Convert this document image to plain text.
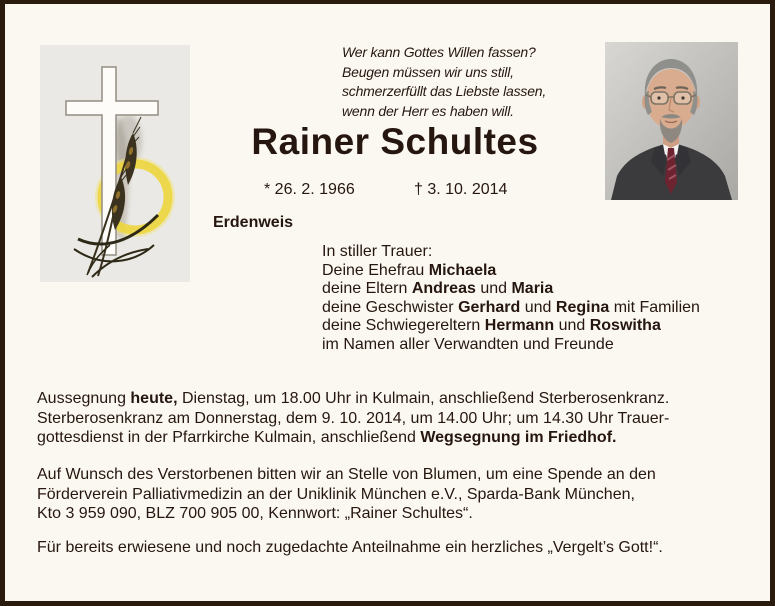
Wer kann Gottes Willen fassen?
Beugen müssen wir uns still,
schmerzerfüllt das Liebste lassen,
wenn der Herr es haben will.
Rainer Schultes
* 26. 2. 1966	† 3. 10. 2014
Erdenweis
In stiller Trauer:
Deine Ehefrau Michaela
deine Eltern Andreas und Maria
deine Geschwister Gerhard und Regina mit Familien
deine Schwiegereltern Hermann und Roswitha
im Namen aller Verwandten und Freunde
Aussegnung heute, Dienstag, um 18.00 Uhr in Kulmain, anschließend Sterberosenkranz.
Sterberosenkranz am Donnerstag, dem 9. 10. 2014, um 14.00 Uhr; um 14.30 Uhr Trauer-
gottesdienst in der Pfarrkirche Kulmain, anschließend Wegsegnung im Friedhof.
Auf Wunsch des Verstorbenen bitten wir an Stelle von Blumen, um eine Spende an den
Förderverein Palliativmedizin an der Uniklinik München e.V., Sparda-Bank München,
Kto 3 959 090, BLZ 700 905 00, Kennwort: „Rainer Schultes“.
Für bereits erwiesene und noch zugedachte Anteilnahme ein herzliches „Vergelt’s Gott!“.
